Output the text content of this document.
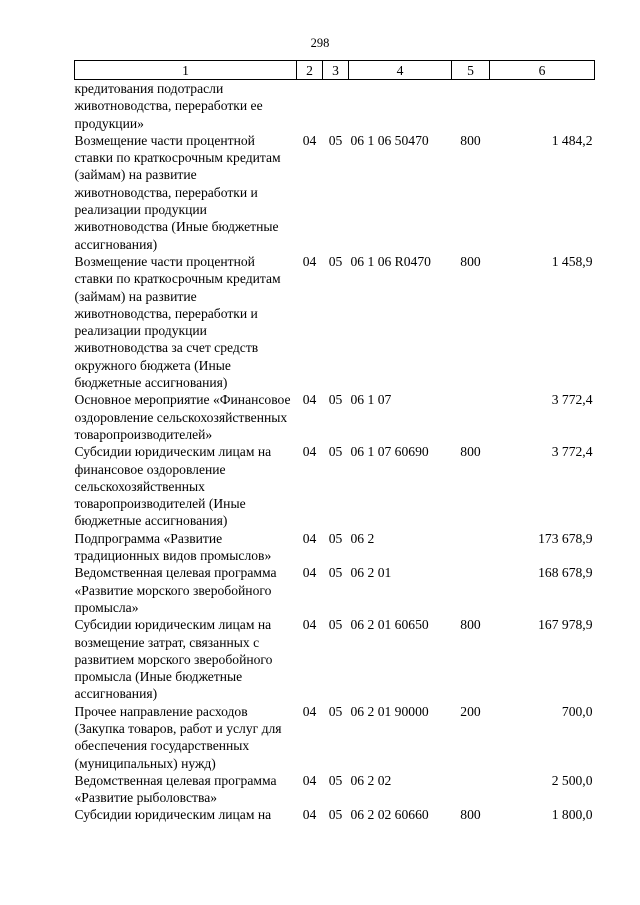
298
1	2	3	4	5	6
кредитования подотрасли животноводства, переработки ее продукции»					
Возмещение части процентной ставки по краткосрочным кредитам (займам) на развитие животноводства, переработки и реализации продукции животноводства (Иные бюджетные ассигнования)	04	05	06 1 06 50470	800	1 484,2
Возмещение части процентной ставки по краткосрочным кредитам (займам) на развитие животноводства, переработки и реализации продукции животноводства за счет средств окружного бюджета (Иные бюджетные ассигнования)	04	05	06 1 06 R0470	800	1 458,9
Основное мероприятие «Финансовое оздоровление сельскохозяйственных товаропроизводителей»	04	05	06 1 07		3 772,4
Субсидии юридическим лицам на финансовое оздоровление сельскохозяйственных товаропроизводителей (Иные бюджетные ассигнования)	04	05	06 1 07 60690	800	3 772,4
Подпрограмма «Развитие традиционных видов промыслов»	04	05	06 2		173 678,9
Ведомственная целевая программа «Развитие морского зверобойного промысла»	04	05	06 2 01		168 678,9
Субсидии юридическим лицам на возмещение затрат, связанных с развитием морского зверобойного промысла (Иные бюджетные ассигнования)	04	05	06 2 01 60650	800	167 978,9
Прочее направление расходов (Закупка товаров, работ и услуг для обеспечения государственных (муниципальных) нужд)	04	05	06 2 01 90000	200	700,0
Ведомственная целевая программа «Развитие рыболовства»	04	05	06 2 02		2 500,0
Субсидии юридическим лицам на	04	05	06 2 02 60660	800	1 800,0
